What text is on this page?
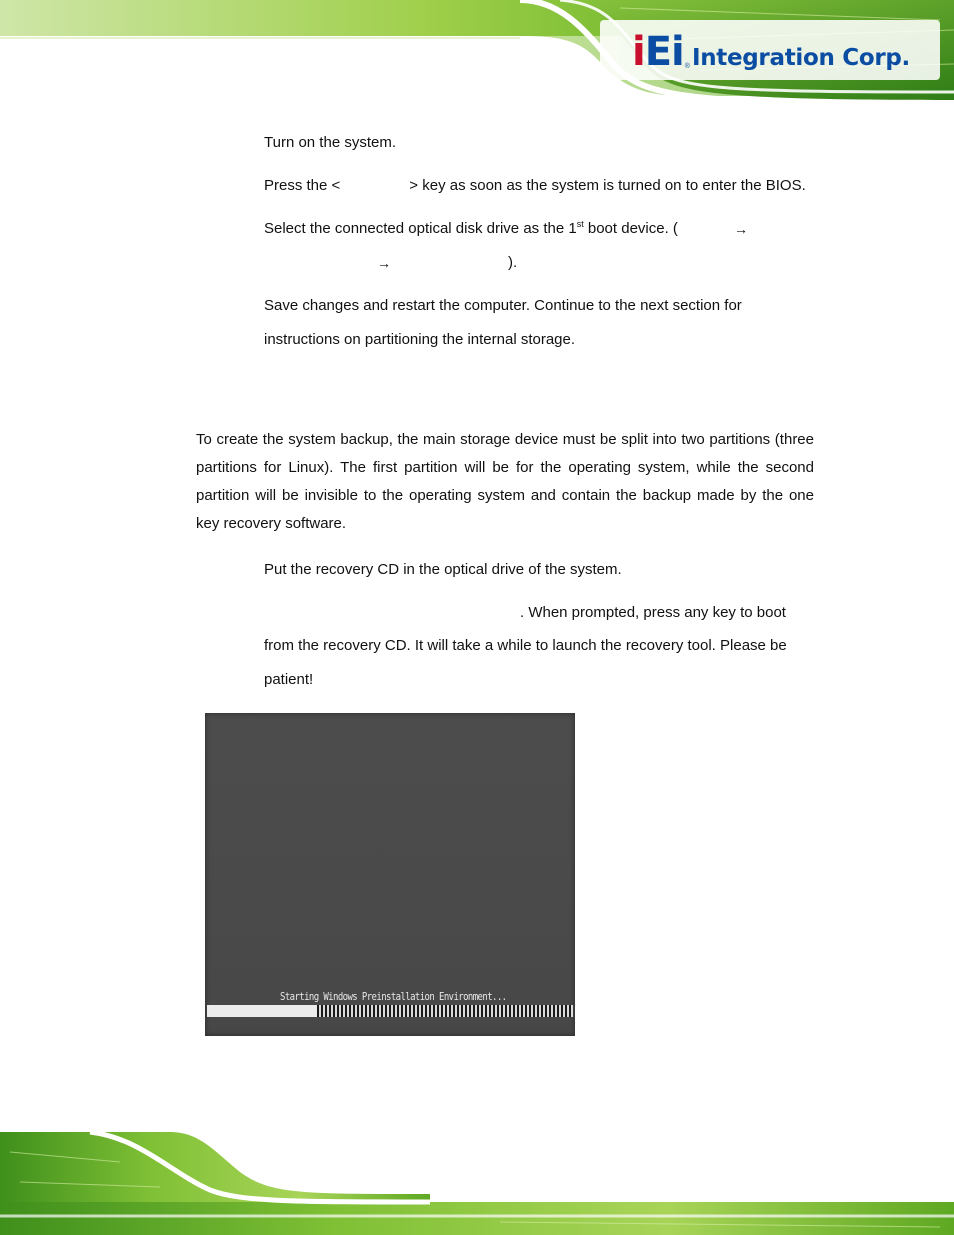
iEi ® Integration Corp.
Turn on the system.
Press the <	> key as soon as the system is turned on to enter the BIOS.
Select the connected optical disk drive as the 1st boot device. (	→
→	).
Save changes and restart the computer. Continue to the next section for
instructions on partitioning the internal storage.
To create the system backup, the main storage device must be split into two partitions (three partitions for Linux). The first partition will be for the operating system, while the second partition will be invisible to the operating system and contain the backup made by the one key recovery software.
Put the recovery CD in the optical drive of the system.
. When prompted, press any key to boot
from the recovery CD. It will take a while to launch the recovery tool. Please be
patient!
Starting Windows Preinstallation Environment...
